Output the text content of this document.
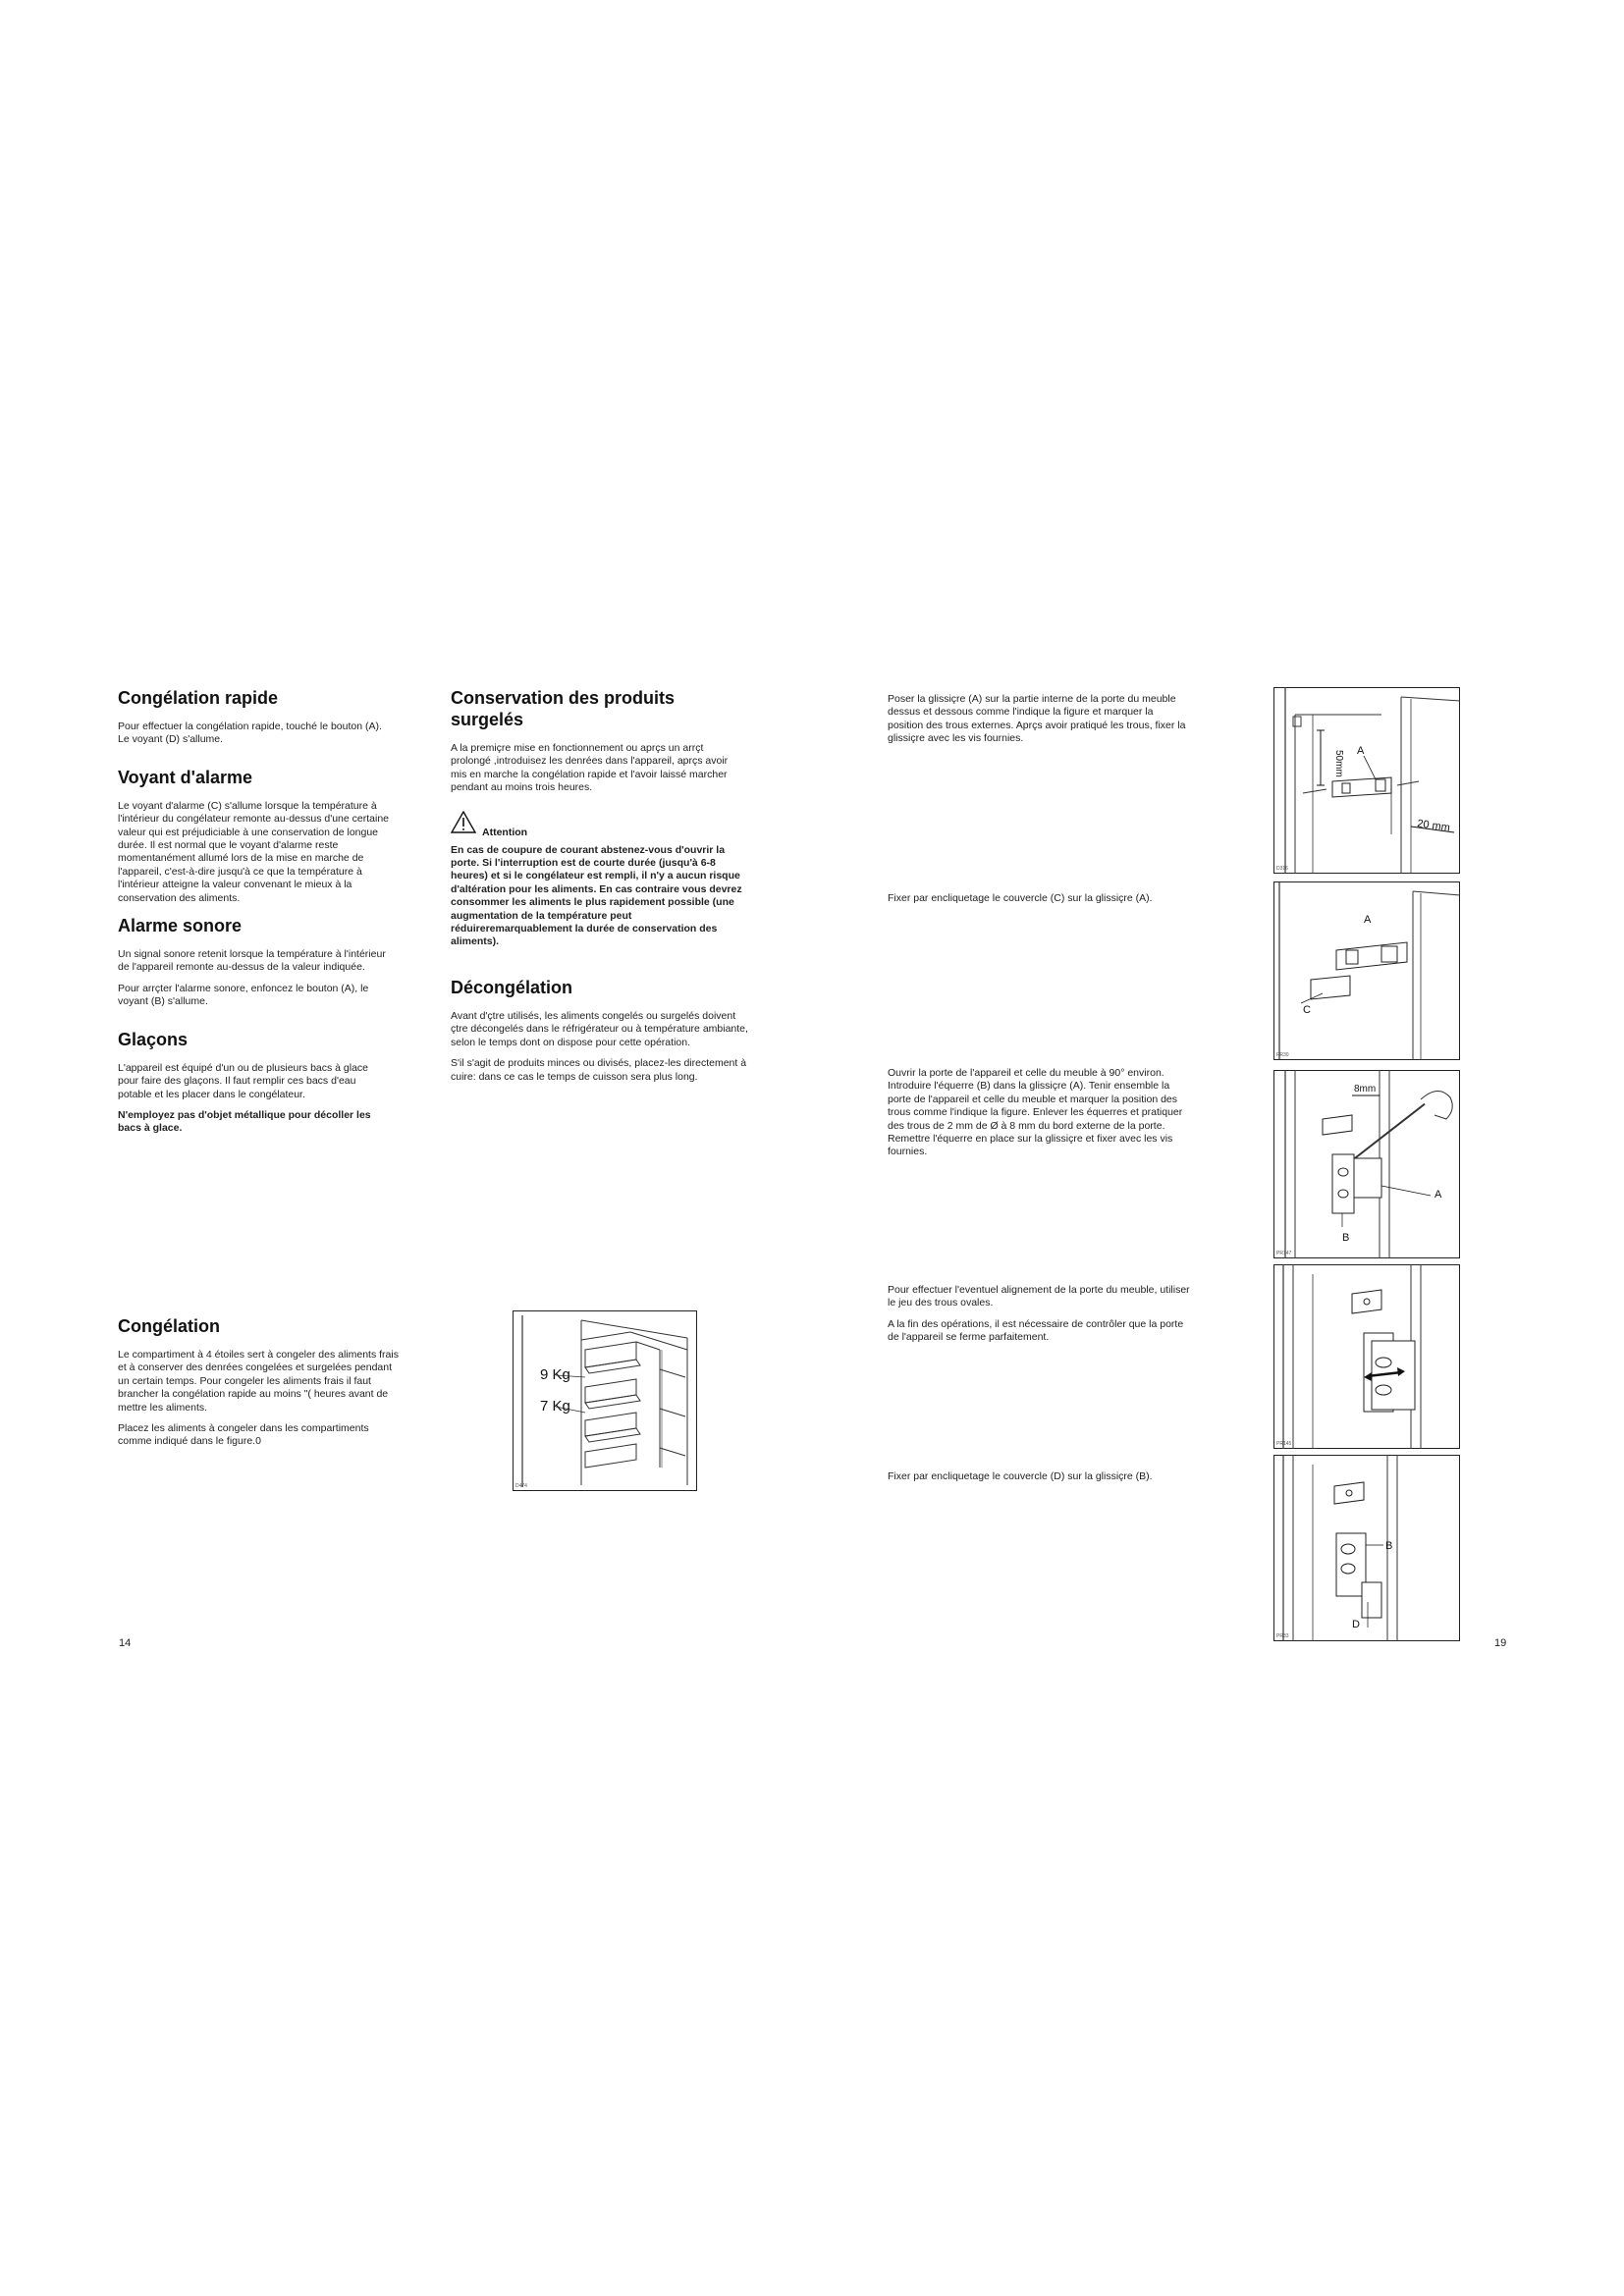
Congélation rapide

Pour effectuer la congélation rapide, touché le bouton (A). Le voyant (D) s'allume.

Voyant d'alarme

Le voyant d'alarme (C) s'allume lorsque la température à l'intérieur du congélateur remonte au-dessus d'une certaine valeur qui est préjudiciable à une conservation de longue durée. Il est normal que le voyant d'alarme reste momentanément allumé lors de la mise en marche de l'appareil, c'est-à-dire jusqu'à ce que la température à l'intérieur atteigne la valeur convenant le mieux à la conservation des aliments.

Alarme sonore

Un signal sonore retenit lorsque la température à l'intérieur de l'appareil remonte au-dessus de la valeur indiquée.

Pour arrçter l'alarme sonore, enfoncez le bouton (A), le voyant (B) s'allume.

Glaçons

L'appareil est équipé d'un ou de plusieurs bacs à glace pour faire des glaçons. Il faut remplir ces bacs d'eau potable et les placer dans le congélateur.

N'employez pas d'objet métallique pour décoller les bacs à glace.

Conservation des produits surgelés

A la premiçre mise en fonctionnement ou aprçs un arrçt prolongé ,introduisez les denrées dans l'appareil, aprçs avoir mis en marche la congélation rapide et l'avoir laissé marcher pendant au moins trois heures.

Attention

En cas de coupure de courant abstenez-vous d'ouvrir la porte. Si l'interruption est de courte durée (jusqu'à 6-8 heures) et si le congélateur est rempli, il n'y a aucun risque d'altération pour les aliments. En cas contraire vous devrez consommer les aliments le plus rapidement possible (une augmentation de la température peut réduireremarquablement la durée de conservation des aliments).

Décongélation

Avant d'çtre utilisés, les aliments congelés ou surgelés doivent çtre décongelés dans le réfrigérateur ou à température ambiante, selon le temps dont on dispose pour cette opération.

S'il s'agit de produits minces ou divisés, placez-les directement à cuire: dans ce cas le temps de cuisson sera plus long.

Congélation

Le compartiment à 4 étoiles sert à congeler des aliments frais et à conserver des denrées congelées et surgelées pendant un certain temps. Pour congeler les aliments frais il faut brancher la congélation rapide au moins "( heures avant de mettre les aliments.

Placez les aliments à congeler dans les compartiments comme indiqué dans le figure.0

9 Kg
7 Kg
D474
14

Poser la glissiçre (A) sur la partie interne de la porte du meuble dessus et dessous comme l'indique la figure et marquer la position des trous externes. Aprçs avoir pratiqué les trous, fixer la glissiçre avec les vis fournies.

50mm A
20 mm
D316

Fixer par encliquetage le couvercle (C) sur la glissiçre (A).

A
C
PR30

Ouvrir la porte de l'appareil et celle du meuble à 90° environ. Introduire l'équerre (B) dans la glissiçre (A). Tenir ensemble la porte de l'appareil et celle du meuble et marquer la position des trous comme l'indique la figure. Enlever les équerres et pratiquer des trous de 2 mm de Ø à 8 mm du bord externe de la porte. Remettre l'équerre en place sur la glissiçre et fixer avec les vis fournies.

8mm
A
B
PR147

Pour effectuer l'eventuel alignement de la porte du meuble, utiliser le jeu des trous ovales.

A la fin des opérations, il est nécessaire de contrôler que la porte de l'appareil se ferme parfaitement.

PR145

Fixer par encliquetage le couvercle (D) sur la glissiçre (B).

B
D
PR33
19
